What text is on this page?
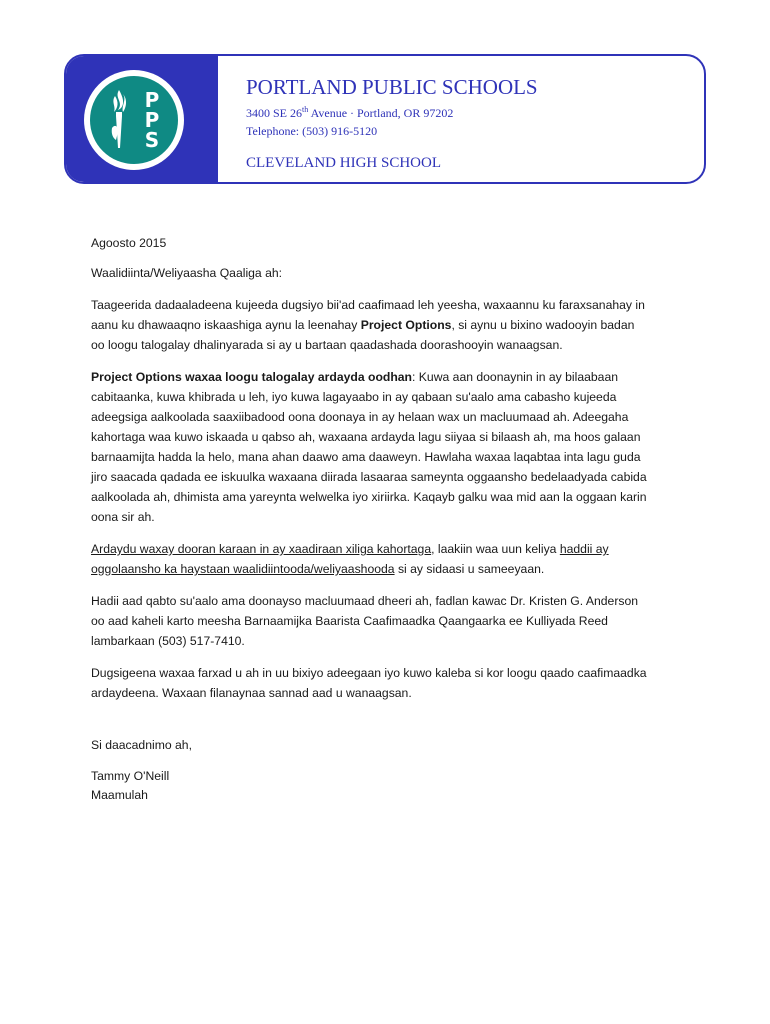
P
P
S
PORTLAND PUBLIC SCHOOLS
3400 SE 26th Avenue · Portland, OR 97202
Telephone: (503) 916-5120
CLEVELAND HIGH SCHOOL

Agoosto 2015

Waalidiinta/Weliyaasha Qaaliga ah:

Taageerida dadaaladeena kujeeda dugsiyo bii'ad caafimaad leh yeesha, waxaannu ku faraxsanahay in aanu ku dhawaaqno iskaashiga aynu la leenahay Project Options, si aynu u bixino wadooyin badan oo loogu talogalay dhalinyarada si ay u bartaan qaadashada doorashooyin wanaagsan.

Project Options waxaa loogu talogalay ardayda oodhan: Kuwa aan doonaynin in ay bilaabaan cabitaanka, kuwa khibrada u leh, iyo kuwa lagayaabo in ay qabaan su'aalo ama cabasho kujeeda adeegsiga aalkoolada saaxiibadood oona doonaya in ay helaan wax un macluumaad ah. Adeegaha kahortaga waa kuwo iskaada u qabso ah, waxaana ardayda lagu siiyaa si bilaash ah, ma hoos galaan barnaamijta hadda la helo, mana ahan daawo ama daaweyn. Hawlaha waxaa laqabtaa inta lagu guda jiro saacada qadada ee iskuulka waxaana diirada lasaaraa sameynta oggaansho bedelaadyada cabida aalkoolada ah, dhimista ama yareynta welwelka iyo xiriirka. Kaqayb galku waa mid aan la oggaan karin oona sir ah.

Ardaydu waxay dooran karaan in ay xaadiraan xiliga kahortaga, laakiin waa uun keliya haddii ay oggolaansho ka haystaan waalidiintooda/weliyaashooda si ay sidaasi u sameeyaan.

Hadii aad qabto su'aalo ama doonayso macluumaad dheeri ah, fadlan kawac Dr. Kristen G. Anderson oo aad kaheli karto meesha Barnaamijka Baarista Caafimaadka Qaangaarka ee Kulliyada Reed lambarkaan (503) 517-7410.

Dugsigeena waxaa farxad u ah in uu bixiyo adeegaan iyo kuwo kaleba si kor loogu qaado caafimaadka ardaydeena. Waxaan filanaynaa sannad aad u wanaagsan.

Si daacadnimo ah,

Tammy O'Neill
Maamulah
